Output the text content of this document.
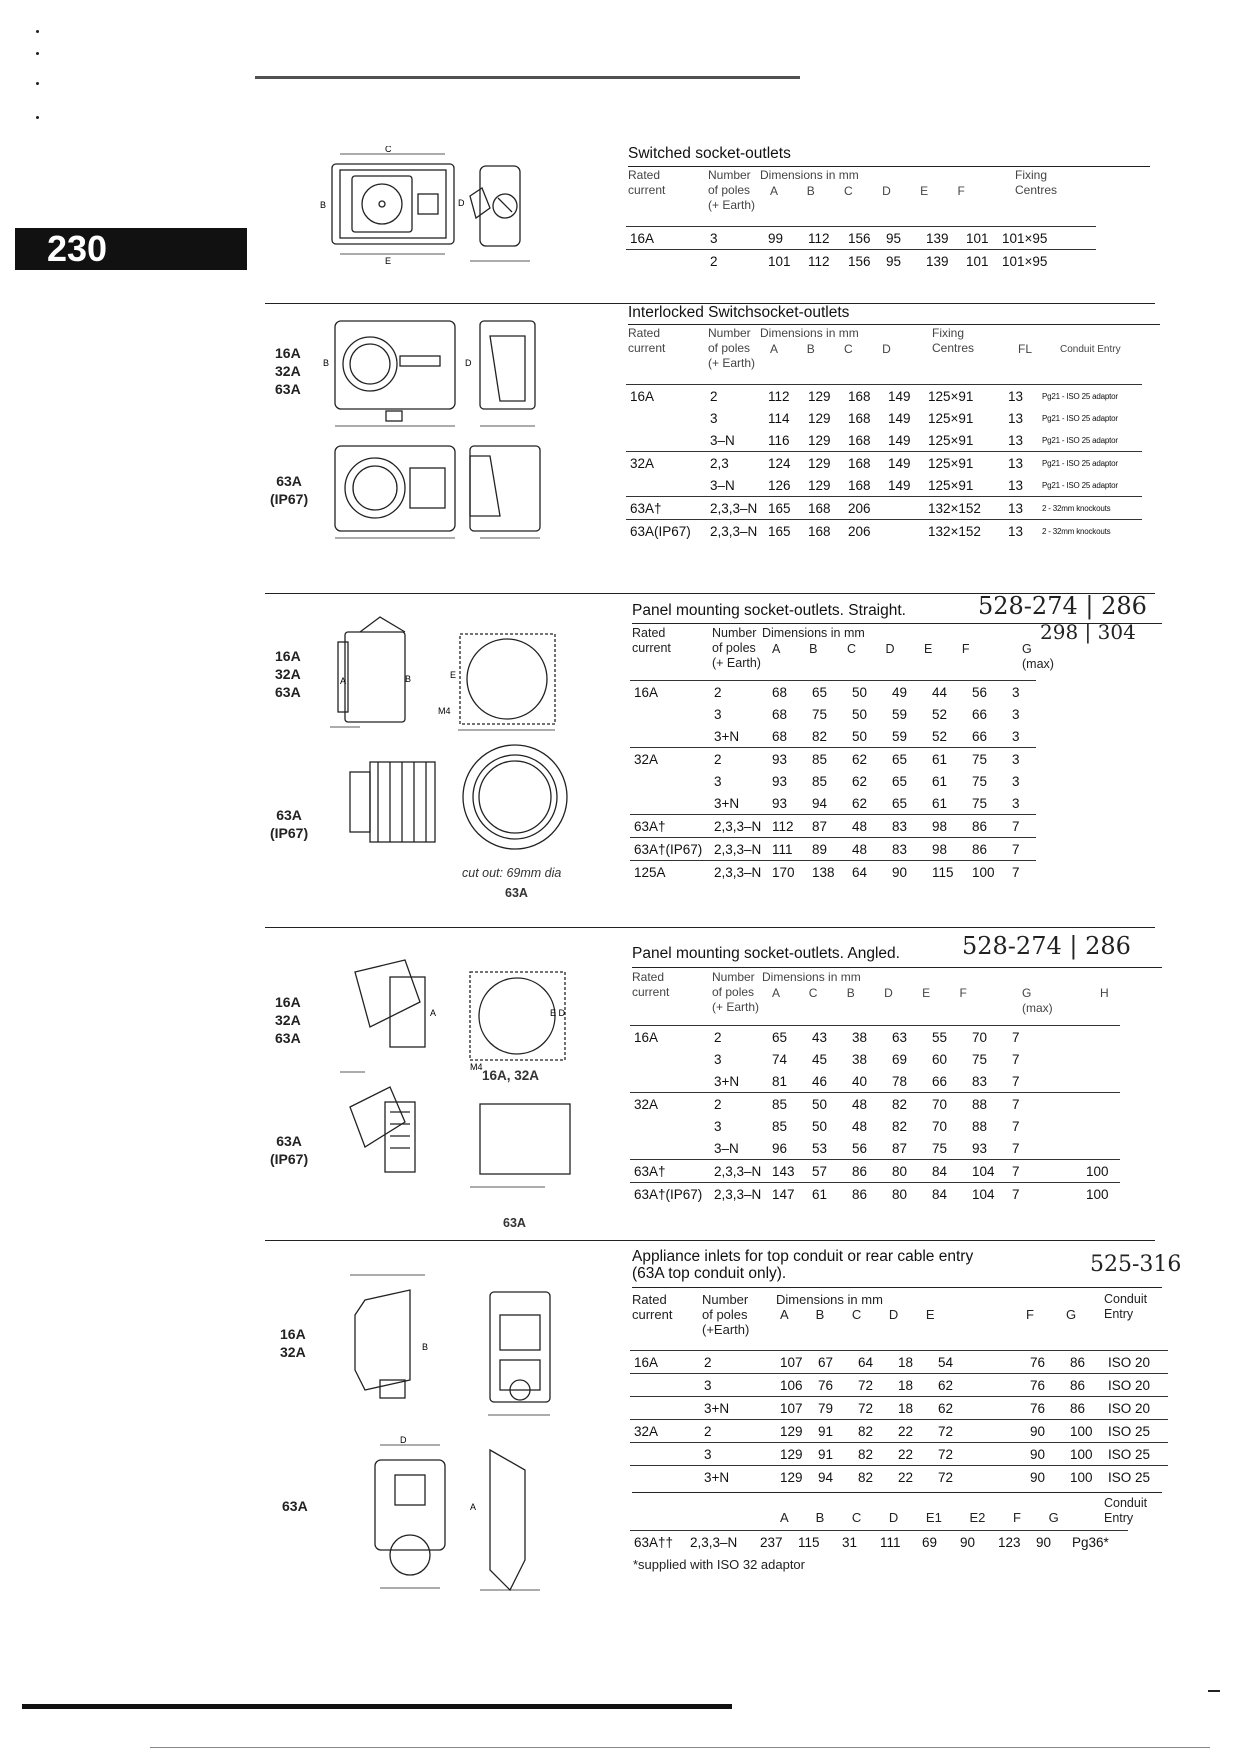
230
C
B	D
E
Switched socket-outlets
Rated
current
Number
of poles
(+ Earth)
Dimensions in mm	Fixing
Centres
A B C D E F
16A	3	99	112	156	95	139	101	101×95
	2	101	112	156	95	139	101	101×95
16A
32A
63A
63A
(IP67)
B	D
Interlocked Switchsocket-outlets
Rated
current
Number
of poles
(+ Earth)
Dimensions in mm	Fixing
Centres	FL	Conduit Entry
A B C D
16A	2	112	129	168	149	125×91	13	Pg21 - ISO 25 adaptor
	3	114	129	168	149	125×91	13	Pg21 - ISO 25 adaptor
	3–N	116	129	168	149	125×91	13	Pg21 - ISO 25 adaptor
32A	2,3	124	129	168	149	125×91	13	Pg21 - ISO 25 adaptor
	3–N	126	129	168	149	125×91	13	Pg21 - ISO 25 adaptor
63A†	2,3,3–N	165	168	206		132×152	13	2 - 32mm knockouts
63A(IP67)	2,3,3–N	165	168	206		132×152	13	2 - 32mm knockouts
16A
32A
63A
63A
(IP67)
B
M4
E
A
cut out: 69mm dia
63A
Panel mounting socket-outlets. Straight.	528-274 | 286
298 | 304
Rated
current
Number
of poles
(+ Earth)
Dimensions in mm
A B C D E F	G
(max)
16A	2	68	65	50	49	44	56	3
	3	68	75	50	59	52	66	3
	3+N	68	82	50	59	52	66	3
32A	2	93	85	62	65	61	75	3
	3	93	85	62	65	61	75	3
	3+N	93	94	62	65	61	75	3
63A†	2,3,3–N	112	87	48	83	98	86	7
63A†(IP67)	2,3,3–N	111	89	48	83	98	86	7
125A	2,3,3–N	170	138	64	90	115	100	7
16A
32A
63A
63A
(IP67)
A	E D
M4
16A, 32A
63A
Panel mounting socket-outlets. Angled.	528-274 | 286
Rated
current
Number
of poles
(+ Earth)
Dimensions in mm
A C B D E F	G
(max)
H
16A	2	65	43	38	63	55	70	7	
	3	74	45	38	69	60	75	7	
	3+N	81	46	40	78	66	83	7	
32A	2	85	50	48	82	70	88	7	
	3	85	50	48	82	70	88	7	
	3–N	96	53	56	87	75	93	7	
63A†	2,3,3–N	143	57	86	80	84	104	7	100
63A†(IP67)	2,3,3–N	147	61	86	80	84	104	7	100
16A
32A
63A
B
D
A
Appliance inlets for top conduit or rear cable entry
(63A top conduit only).	525-316
Rated
current
Number
of poles
(+Earth)
Dimensions in mm
A B C D E	F G
Conduit
Entry
16A	2	107	67	64	18	54	76	86	ISO 20
	3	106	76	72	18	62	76	86	ISO 20
	3+N	107	79	72	18	62	76	86	ISO 20
32A	2	129	91	82	22	72	90	100	ISO 25
	3	129	91	82	22	72	90	100	ISO 25
	3+N	129	94	82	22	72	90	100	ISO 25
A B C D E1 E2 F G
Conduit
Entry
63A††	2,3,3–N	237	115	31	111	69	90	123	90	Pg36*
*supplied with ISO 32 adaptor
